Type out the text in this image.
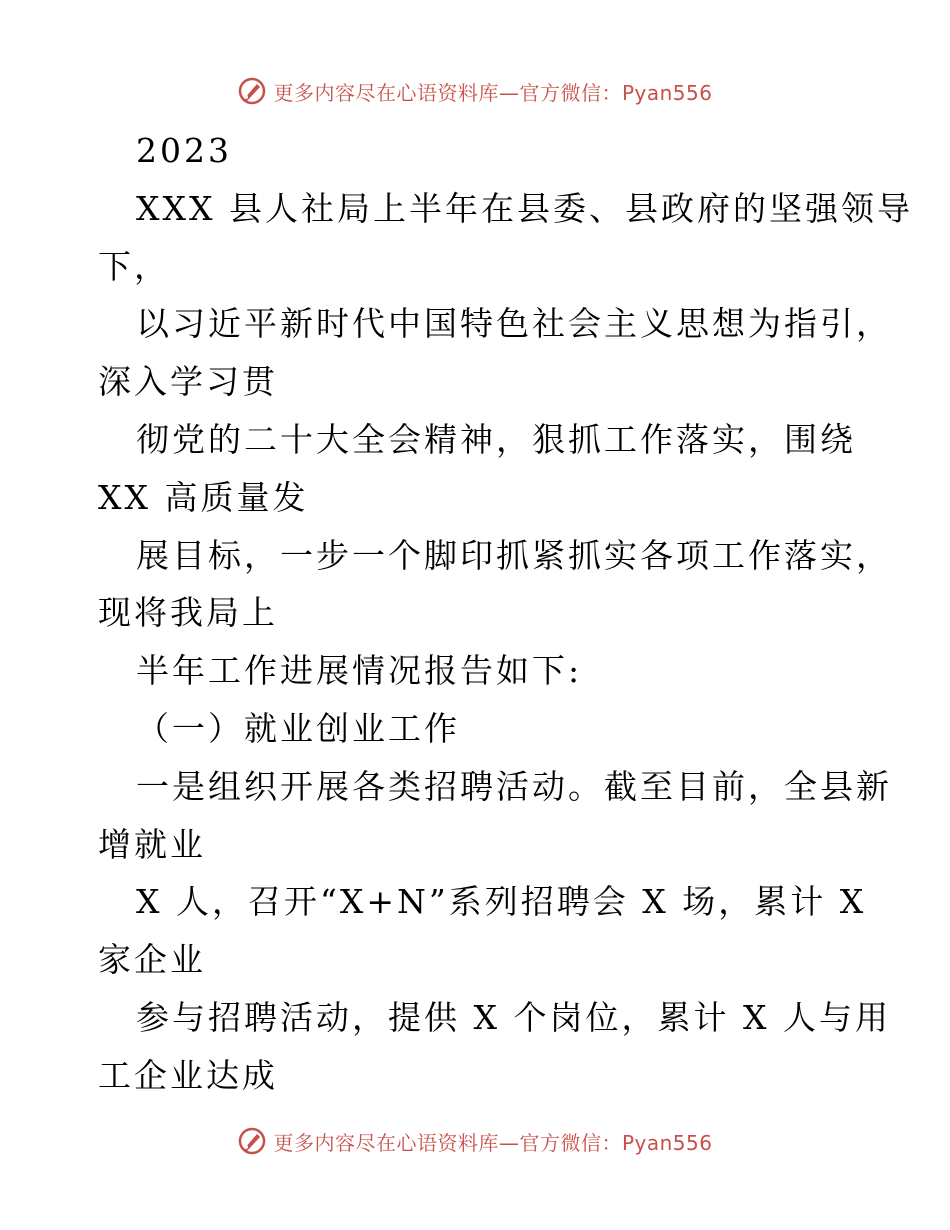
更多内容尽在心语资料库—官方微信：Pyan556
2023
XXX 县人社局上半年在县委、县政府的坚强领导
下，
以习近平新时代中国特色社会主义思想为指引，
深入学习贯
彻党的二十大全会精神，狠抓工作落实，围绕
XX 高质量发
展目标，一步一个脚印抓紧抓实各项工作落实，
现将我局上
半年工作进展情况报告如下:
（一）就业创业工作
一是组织开展各类招聘活动。截至目前，全县新
增就业
X 人，召开“X+N”系列招聘会 X 场，累计 X
家企业
参与招聘活动，提供 X 个岗位，累计 X 人与用
工企业达成
更多内容尽在心语资料库—官方微信：Pyan556
